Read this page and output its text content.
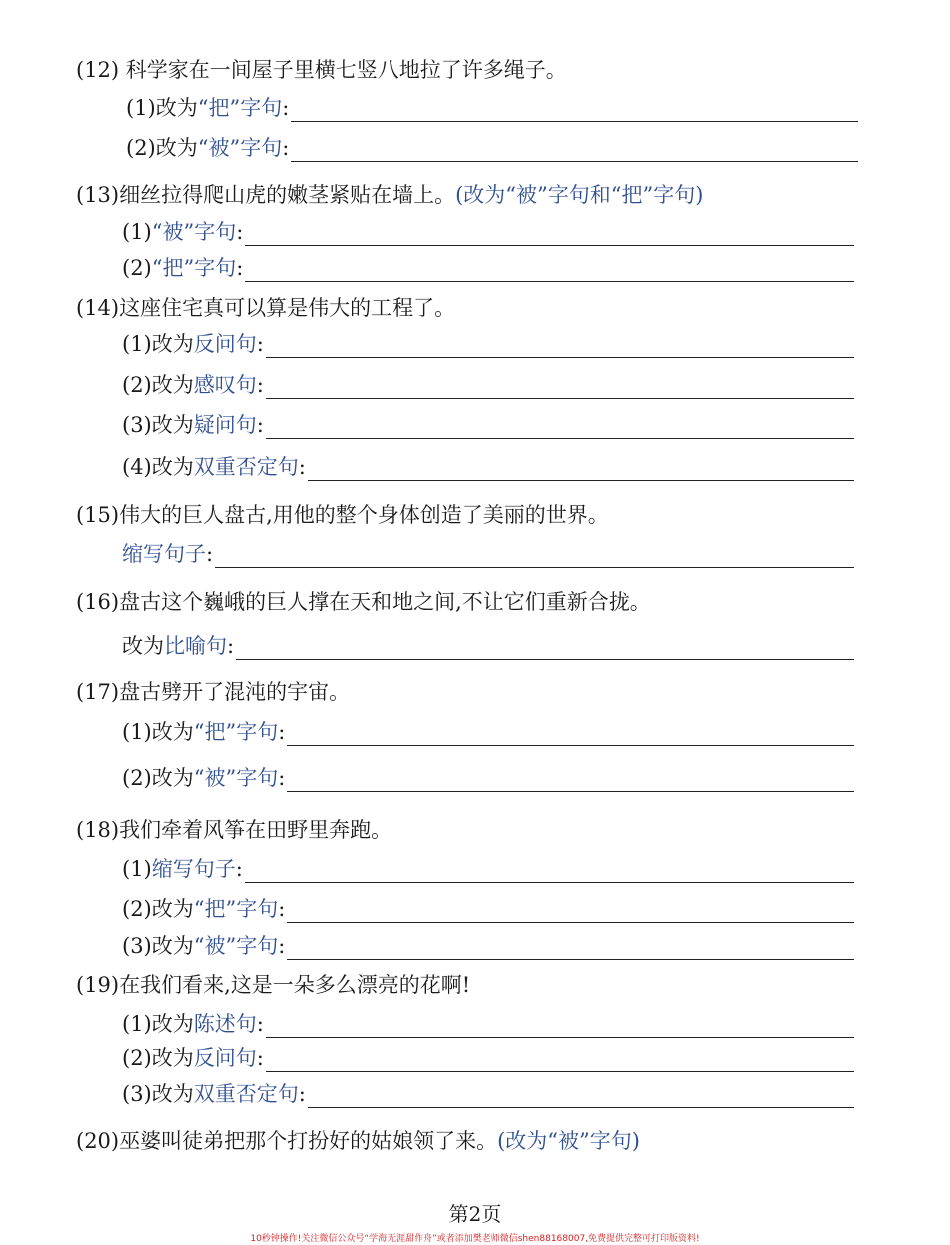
(12) 科学家在一间屋子里横七竖八地拉了许多绳子。
(1)改为 “把”字句 :
(2)改为 “被”字句 :
(13)细丝拉得爬山虎的嫩茎紧贴在墙上。(改为“被”字句和“把”字句)
(1) “被”字句 :
(2) “把”字句 :
(14)这座住宅真可以算是伟大的工程了。
(1)改为 反问句 :
(2)改为 感叹句 :
(3)改为 疑问句 :
(4)改为 双重否定句 :
(15)伟大的巨人盘古,用他的整个身体创造了美丽的世界。
缩写句子 :
(16)盘古这个巍峨的巨人撑在天和地之间,不让它们重新合拢。
改为 比喻句 :
(17)盘古劈开了混沌的宇宙。
(1)改为 “把”字句 :
(2)改为 “被”字句 :
(18)我们牵着风筝在田野里奔跑。
(1) 缩写句子 :
(2)改为 “把”字句 :
(3)改为 “被”字句 :
(19)在我们看来,这是一朵多么漂亮的花啊!
(1)改为 陈述句 :
(2)改为 反问句 :
(3)改为 双重否定句 :
(20)巫婆叫徒弟把那个打扮好的姑娘领了来。(改为“被”字句)
第2页
10秒钟操作!关注微信公众号“学海无涯甜作舟”或者添加樊老师微信shen88168007,免费提供完整可打印版资料!
